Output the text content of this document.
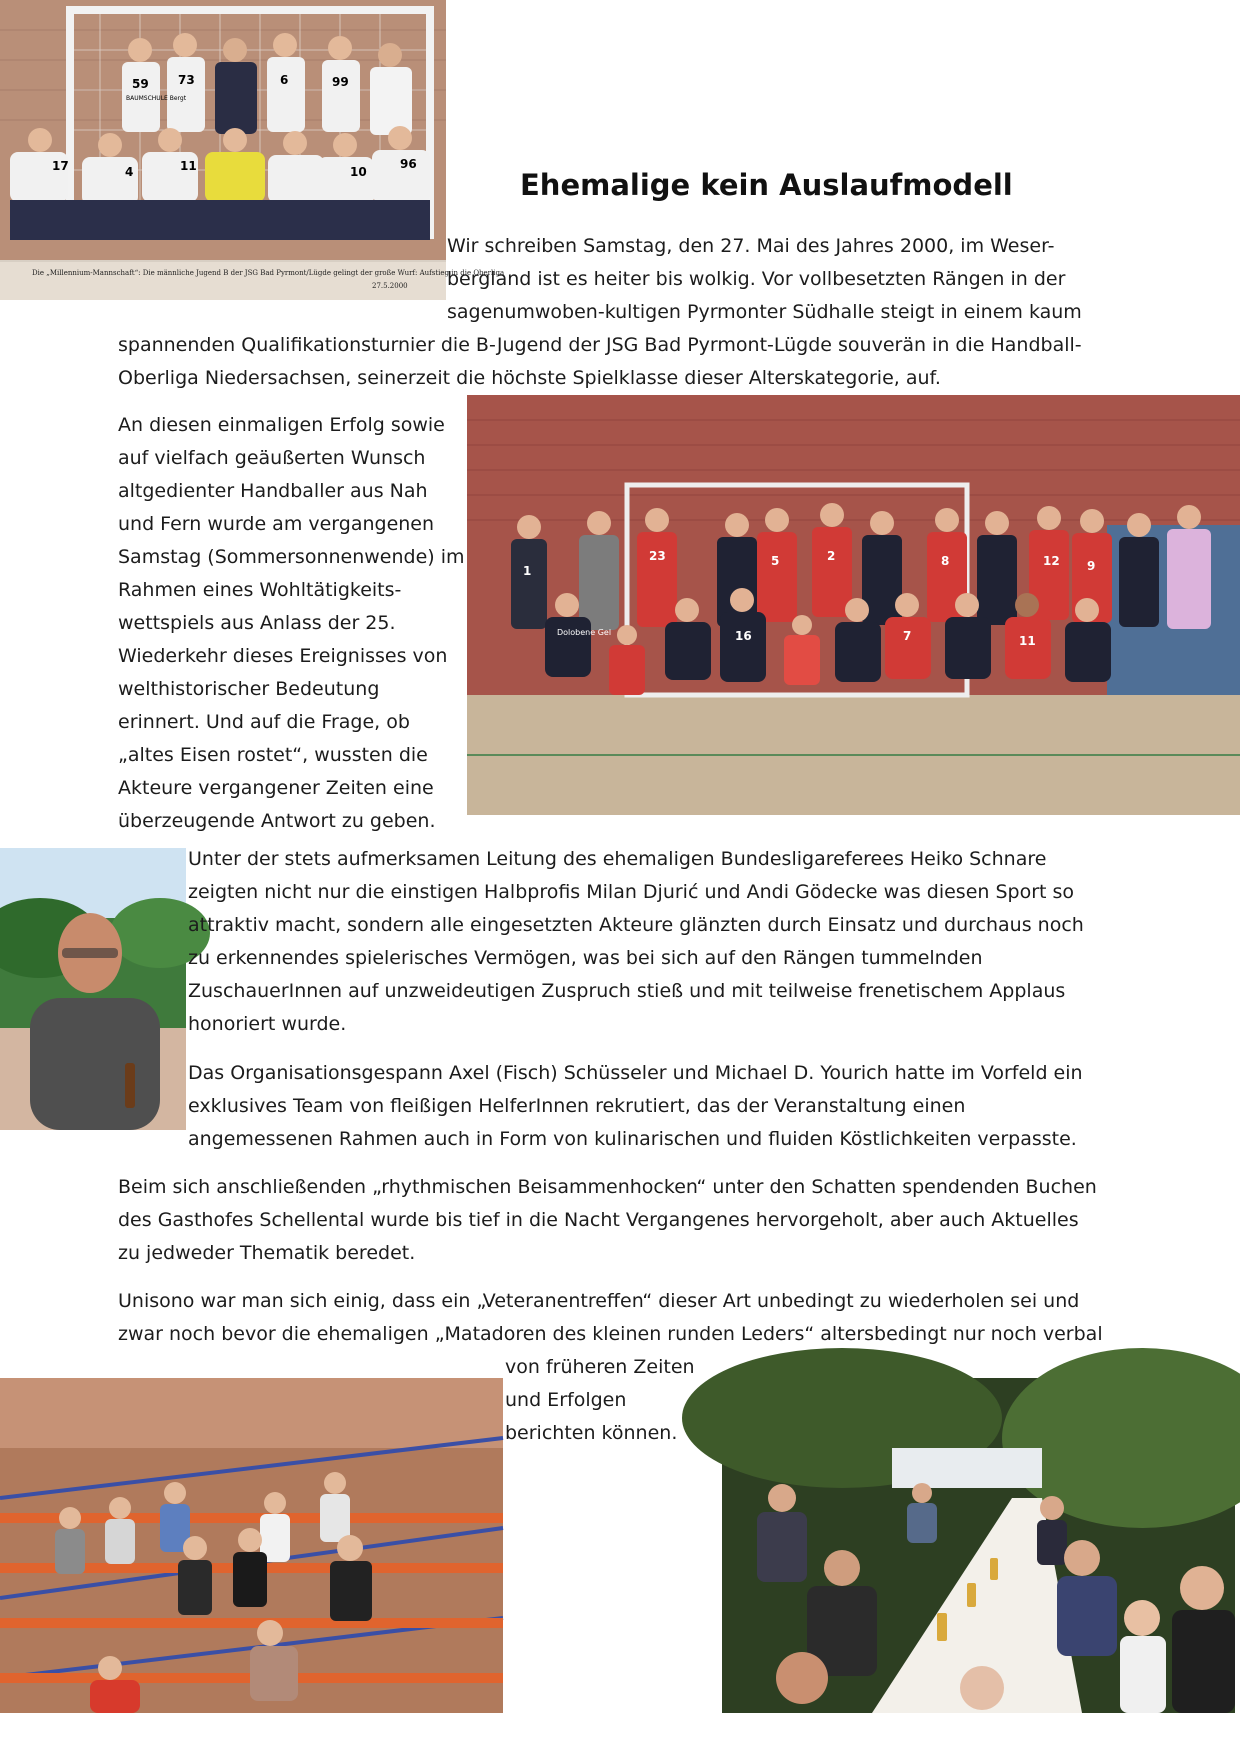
59 73	6	99
BAUMSCHULE Bergt
17	4	11	10
96
Die „Millennium-Mannschaft“: Die männliche Jugend B der JSG Bad Pyrmont/Lügde gelingt der große Wurf: Aufstieg in die Oberliga
27.5.2000
Ehemalige kein Auslaufmodell

Wir schreiben Samstag, den 27. Mai des Jahres 2000, im Weser-
bergland ist es heiter bis wolkig. Vor vollbesetzten Rängen in der
sagenumwoben-kultigen Pyrmonter Südhalle steigt in einem kaum

spannenden Qualifikationsturnier die B-Jugend der JSG Bad Pyrmont-Lügde souverän in die Handball-
Oberliga Niedersachsen, seinerzeit die höchste Spielklasse dieser Alterskategorie, auf.

1
23	5	2	8	12 9
16	7	11
Dolobene Gel

An diesen einmaligen Erfolg sowie
auf vielfach geäußerten Wunsch
altgedienter Handballer aus Nah
und Fern wurde am vergangenen
Samstag (Sommersonnenwende) im
Rahmen eines Wohltätigkeits-
wettspiels aus Anlass der 25.
Wiederkehr dieses Ereignisses von
welthistorischer Bedeutung
erinnert. Und auf die Frage, ob
„altes Eisen rostet“, wussten die
Akteure vergangener Zeiten eine
überzeugende Antwort zu geben.

Unter der stets aufmerksamen Leitung des ehemaligen Bundesligareferees Heiko Schnare
zeigten nicht nur die einstigen Halbprofis Milan Djurić und Andi Gödecke was diesen Sport so
attraktiv macht, sondern alle eingesetzten Akteure glänzten durch Einsatz und durchaus noch
zu erkennendes spielerisches Vermögen, was bei sich auf den Rängen tummelnden
ZuschauerInnen auf unzweideutigen Zuspruch stieß und mit teilweise frenetischem Applaus
honoriert wurde.

Das Organisationsgespann Axel (Fisch) Schüsseler und Michael D. Yourich hatte im Vorfeld ein
exklusives Team von fleißigen HelferInnen rekrutiert, das der Veranstaltung einen
angemessenen Rahmen auch in Form von kulinarischen und fluiden Köstlichkeiten verpasste.

Beim sich anschließenden „rhythmischen Beisammenhocken“ unter den Schatten spendenden Buchen
des Gasthofes Schellental wurde bis tief in die Nacht Vergangenes hervorgeholt, aber auch Aktuelles
zu jedweder Thematik beredet.

Unisono war man sich einig, dass ein „Veteranentreffen“ dieser Art unbedingt zu wiederholen sei und
zwar noch bevor die ehemaligen „Matadoren des kleinen runden Leders“ altersbedingt nur noch verbal

von früheren Zeiten
und Erfolgen
berichten können.
